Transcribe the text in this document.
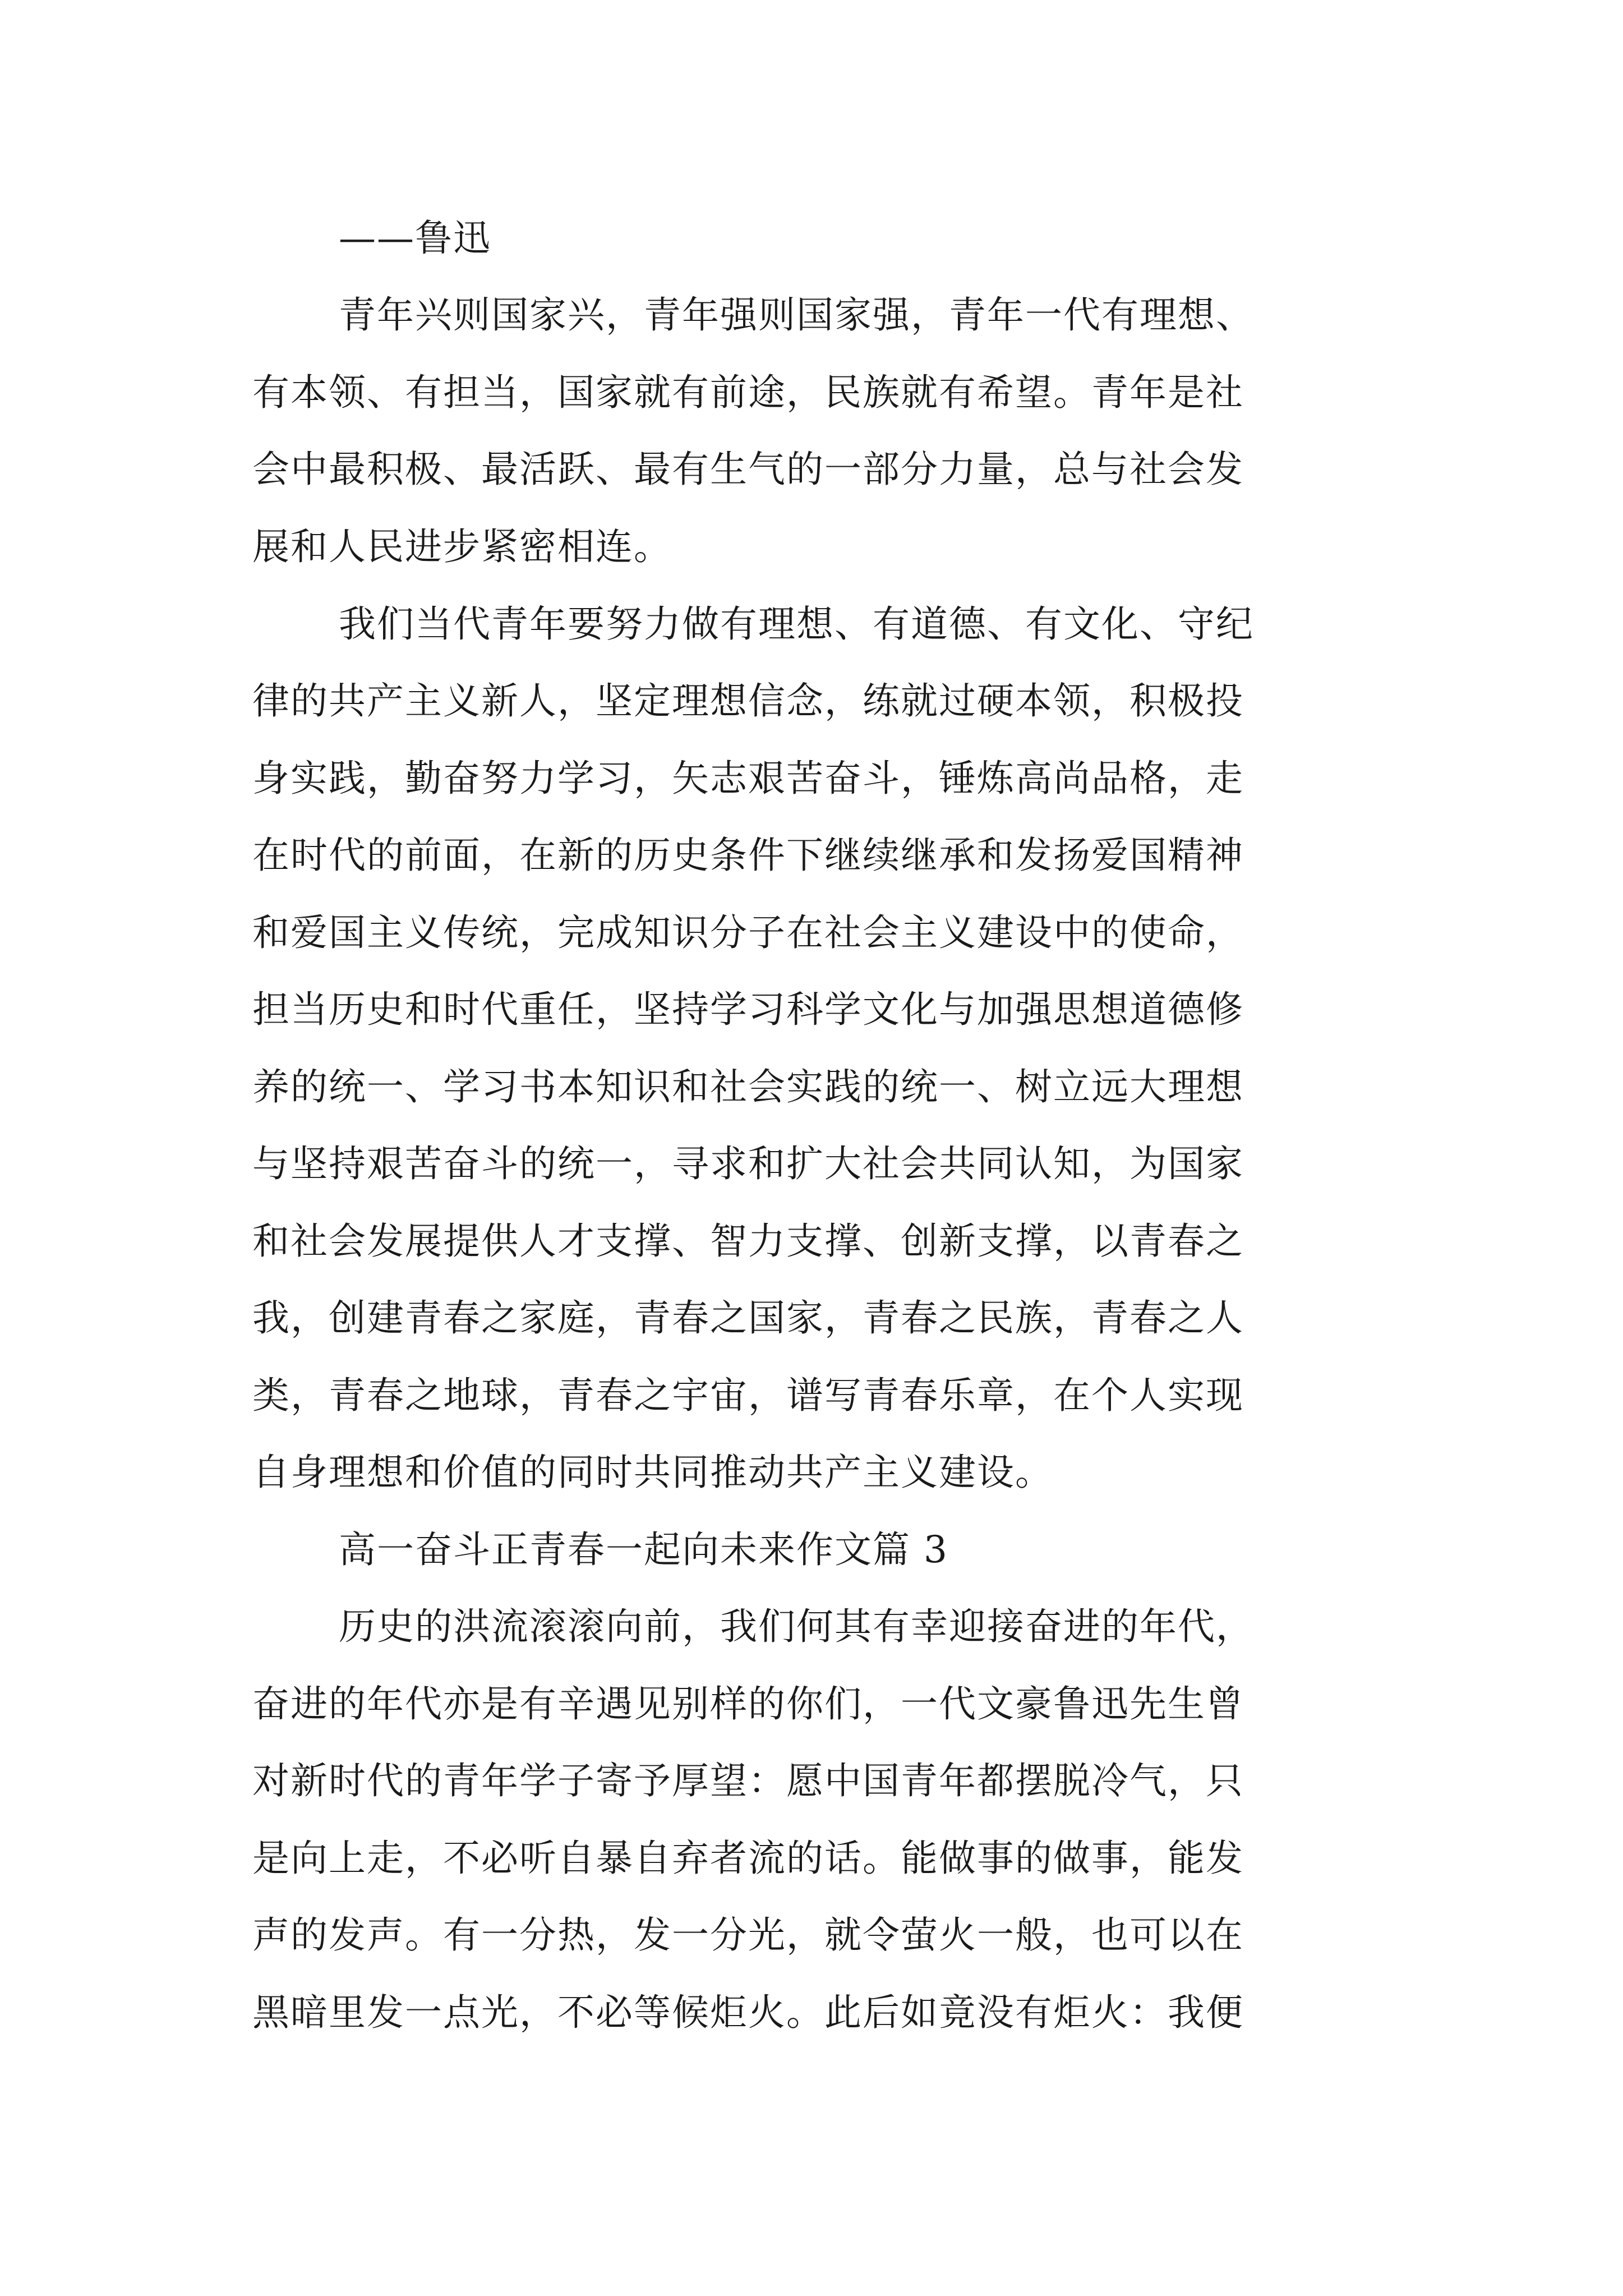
——鲁迅

青年兴则国家兴，青年强则国家强，青年一代有理想、

有本领、有担当，国家就有前途，民族就有希望。青年是社

会中最积极、最活跃、最有生气的一部分力量，总与社会发

展和人民进步紧密相连。

我们当代青年要努力做有理想、有道德、有文化、守纪

律的共产主义新人，坚定理想信念，练就过硬本领，积极投

身实践，勤奋努力学习，矢志艰苦奋斗，锤炼高尚品格，走

在时代的前面，在新的历史条件下继续继承和发扬爱国精神

和爱国主义传统，完成知识分子在社会主义建设中的使命，

担当历史和时代重任，坚持学习科学文化与加强思想道德修

养的统一、学习书本知识和社会实践的统一、树立远大理想

与坚持艰苦奋斗的统一，寻求和扩大社会共同认知，为国家

和社会发展提供人才支撑、智力支撑、创新支撑，以青春之

我，创建青春之家庭，青春之国家，青春之民族，青春之人

类，青春之地球，青春之宇宙，谱写青春乐章，在个人实现

自身理想和价值的同时共同推动共产主义建设。

高一奋斗正青春一起向未来作文篇 3

历史的洪流滚滚向前，我们何其有幸迎接奋进的年代，

奋进的年代亦是有辛遇见别样的你们，一代文豪鲁迅先生曾

对新时代的青年学子寄予厚望：愿中国青年都摆脱冷气，只

是向上走，不必听自暴自弃者流的话。能做事的做事，能发

声的发声。有一分热，发一分光，就令萤火一般，也可以在

黑暗里发一点光，不必等候炬火。此后如竟没有炬火：我便
